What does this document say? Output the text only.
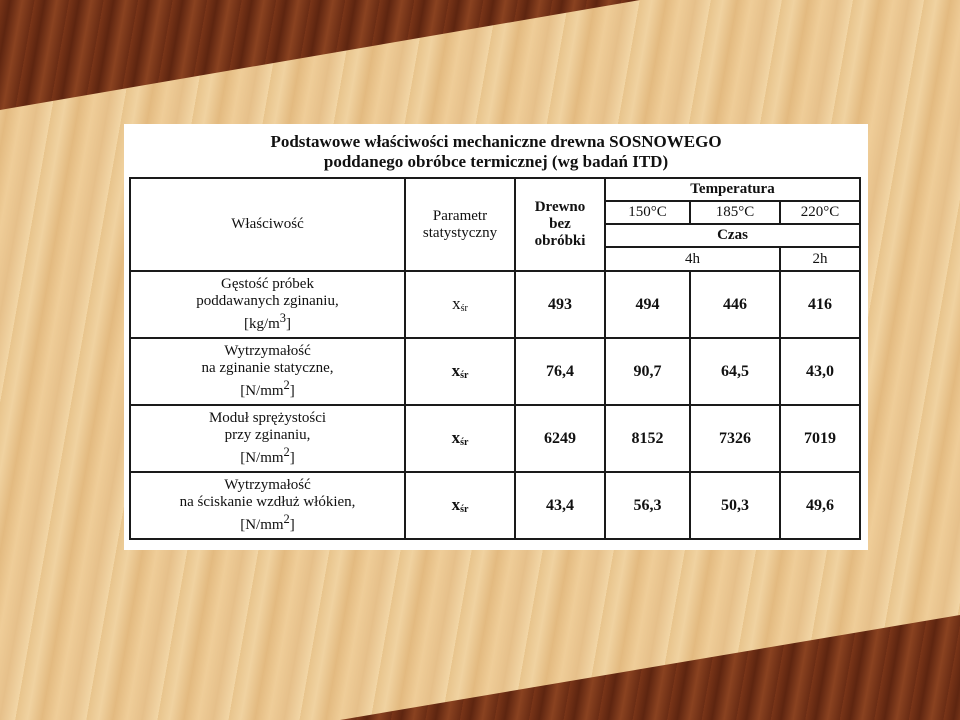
Podstawowe właściwości mechaniczne drewna SOSNOWEGO
poddanego obróbce termicznej (wg badań ITD)
Właściwość	Parametr statystyczny	Drewno bez obróbki	Temperatura		
			150°C	185°C	220°C
			Czas		
			4h		2h

Gęstość próbek
poddawanych zginaniu,
$[kg/m^3]$	$x_{śr}$	493	494	446	416

Wytrzymałość
na zginanie statyczne,
$[N/mm^2]$	$x_{śr}$	76,4	90,7	64,5	43,0

Moduł sprężystości
przy zginaniu,
$[N/mm^2]$	$x_{śr}$	6249	8152	7326	7019

Wytrzymałość
na ściskanie wzdłuż włókien,
$[N/mm^2]$	$x_{śr}$	43,4	56,3	50,3	49,6
